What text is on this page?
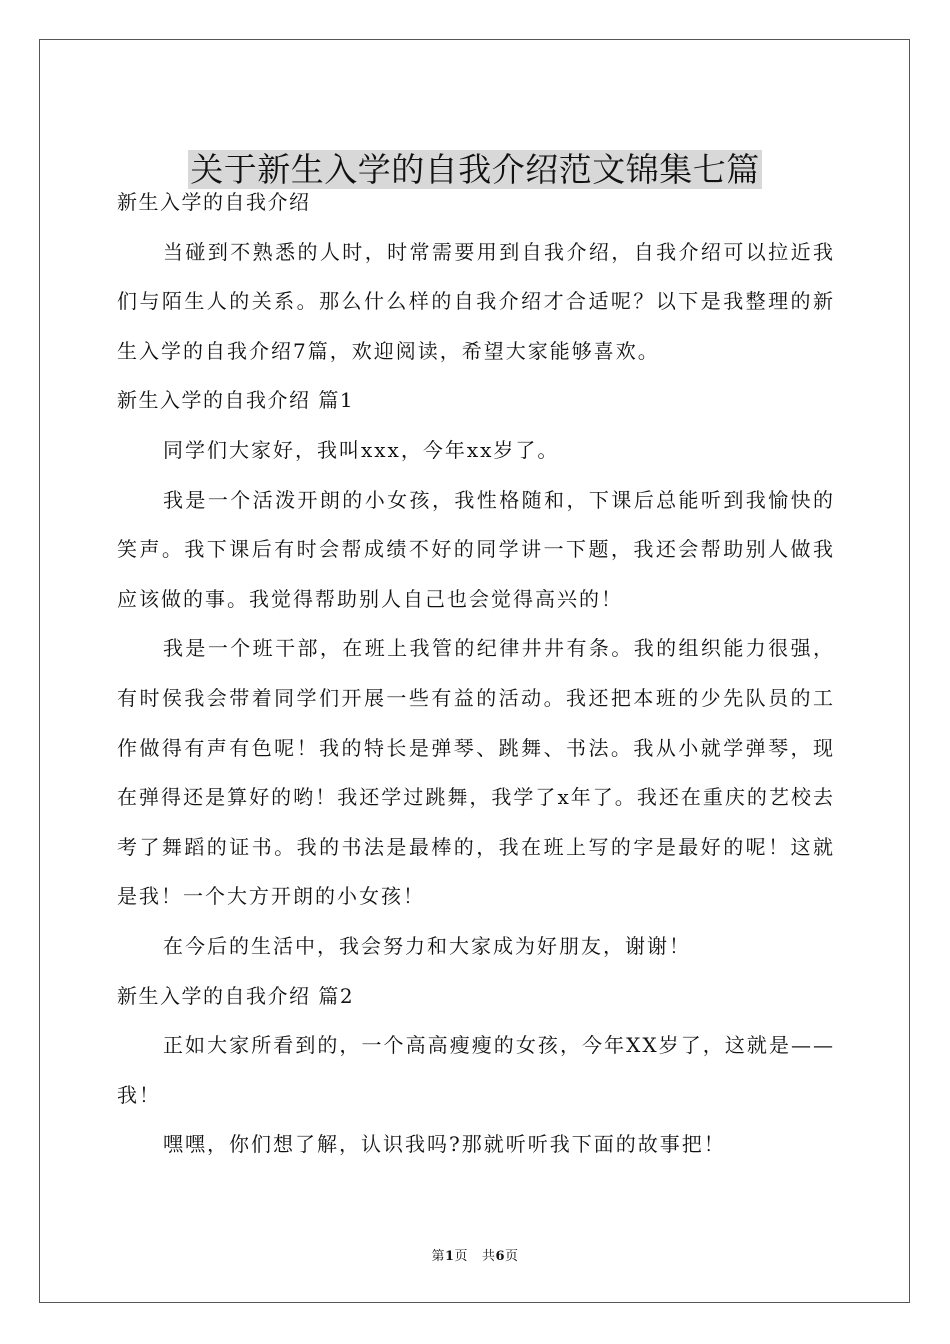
关于新生入学的自我介绍范文锦集七篇

新生入学的自我介绍

当碰到不熟悉的人时，时常需要用到自我介绍，自我介绍可以拉近我们与陌生人的关系。那么什么样的自我介绍才合适呢？以下是我整理的新生入学的自我介绍7篇，欢迎阅读，希望大家能够喜欢。

新生入学的自我介绍 篇1

同学们大家好，我叫xxx，今年xx岁了。

我是一个活泼开朗的小女孩，我性格随和，下课后总能听到我愉快的笑声。我下课后有时会帮成绩不好的同学讲一下题，我还会帮助别人做我应该做的事。我觉得帮助别人自己也会觉得高兴的！

我是一个班干部，在班上我管的纪律井井有条。我的组织能力很强，有时侯我会带着同学们开展一些有益的活动。我还把本班的少先队员的工作做得有声有色呢！我的特长是弹琴、跳舞、书法。我从小就学弹琴，现在弹得还是算好的哟！我还学过跳舞，我学了x年了。我还在重庆的艺校去考了舞蹈的证书。我的书法是最棒的，我在班上写的字是最好的呢！这就是我！一个大方开朗的小女孩！

在今后的生活中，我会努力和大家成为好朋友，谢谢！

新生入学的自我介绍 篇2

正如大家所看到的，一个高高瘦瘦的女孩，今年XX岁了，这就是——我！

嘿嘿，你们想了解，认识我吗?那就听听我下面的故事把！

第1页 共6页
